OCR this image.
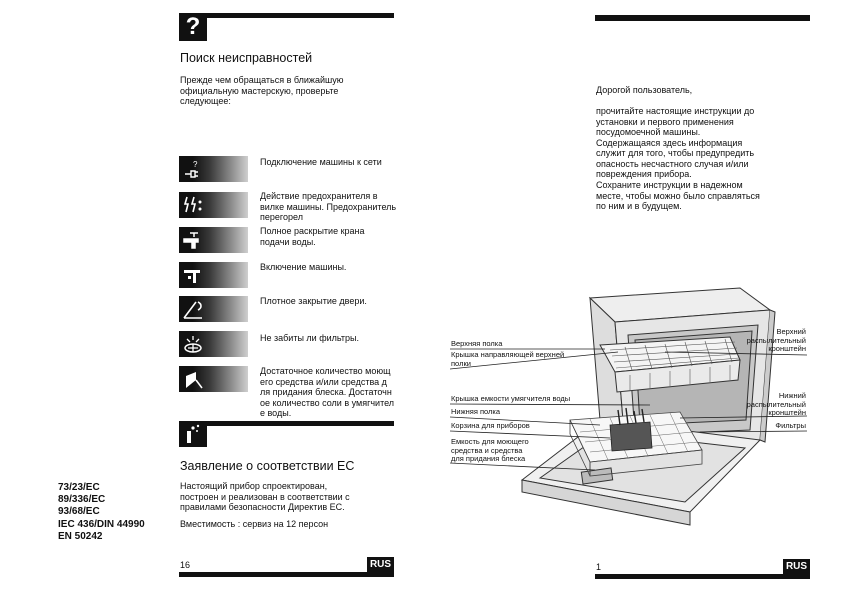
?
Поиск неисправностей
Прежде чем обращаться в ближайшую
официальную мастерскую, проверьте
следующее:
?	Подключение машины к сети
Действие предохранителя в
вилке машины. Предохранитель
перегорел
Полное раскрытие крана
подачи воды.
Включение машины.
Плотное закрытие двери.
Не забиты ли фильтры.
Достаточное количество моющ
его средства и/или средства д
ля придания блеска. Достаточн
ое количество соли в умягчител
е воды.
Заявление о соответствии ЕС
Настоящий прибор спроектирован,
построен и реализован в соответствии с
правилами безопасности Директив ЕС.
Вместимость : сервиз на 12 персон
73/23/EC
89/336/EC
93/68/EC
IEC 436/DIN 44990
EN 50242
16	RUS
Дорогой пользователь,
прочитайте настоящие инструкции до
установки и первого применения
посудомоечной машины.
Содержащаяся здесь информация
служит для того, чтобы предупредить
опасность несчастного случая и/или
повреждения прибора.
Сохраните инструкции в надежном
месте, чтобы можно было справляться
по ним и в будущем.
Верхняя полка
Крышка направляющей верхней
полки
Крышка емкости умягчителя воды
Нижняя полка
Корзина для приборов
Емкость для моющего
средства и средства
для придания блеска
Верхний
распылительный
кронштейн
Нижний
распылительный
кронштейн
Фильтры
1	RUS
